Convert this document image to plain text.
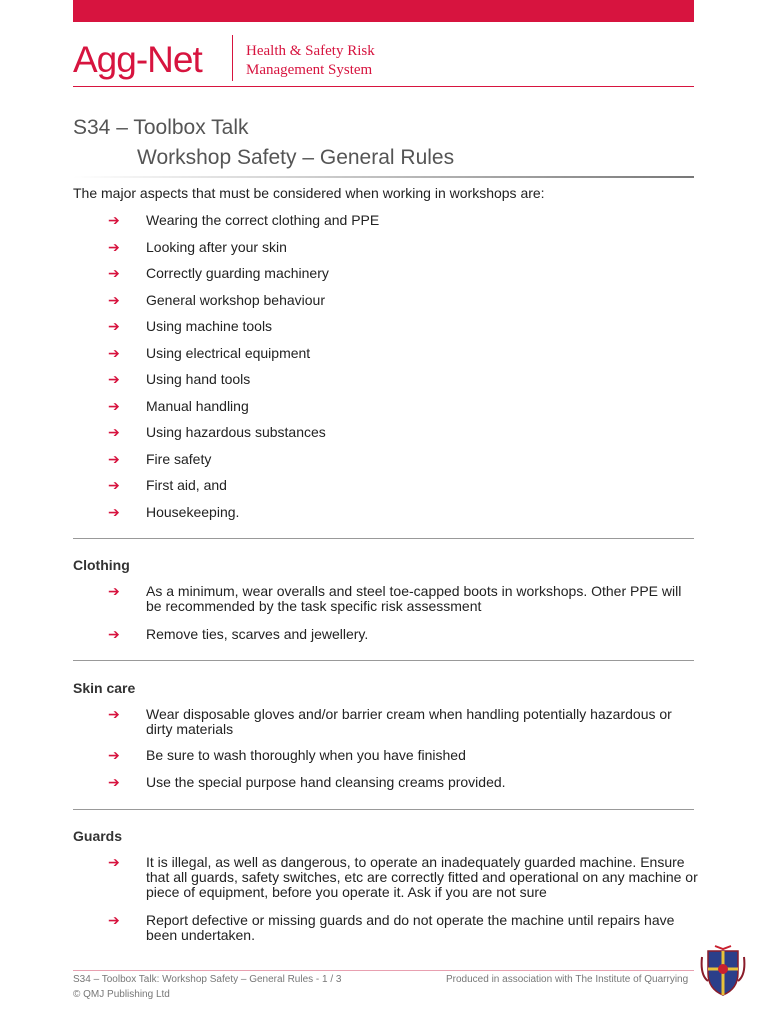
Agg-Net	Health & Safety Risk
Management System
S34 – Toolbox Talk
Workshop Safety – General Rules
The major aspects that must be considered when working in workshops are:
➔ Wearing the correct clothing and PPE
➔ Looking after your skin
➔ Correctly guarding machinery
➔ General workshop behaviour
➔ Using machine tools
➔ Using electrical equipment
➔ Using hand tools
➔ Manual handling
➔ Using hazardous substances
➔ Fire safety
➔ First aid, and
➔ Housekeeping.
Clothing
➔ As a minimum, wear overalls and steel toe-capped boots in workshops. Other PPE will be recommended by the task specific risk assessment
➔ Remove ties, scarves and jewellery.
Skin care
➔ Wear disposable gloves and/or barrier cream when handling potentially hazardous or dirty materials
➔ Be sure to wash thoroughly when you have finished
➔ Use the special purpose hand cleansing creams provided.
Guards
➔ It is illegal, as well as dangerous, to operate an inadequately guarded machine. Ensure that all guards, safety switches, etc are correctly fitted and operational on any machine or piece of equipment, before you operate it. Ask if you are not sure
➔ Report defective or missing guards and do not operate the machine until repairs have been undertaken.
S34 – Toolbox Talk: Workshop Safety – General Rules - 1 / 3
© QMJ Publishing Ltd
Produced in association with The Institute of Quarrying
